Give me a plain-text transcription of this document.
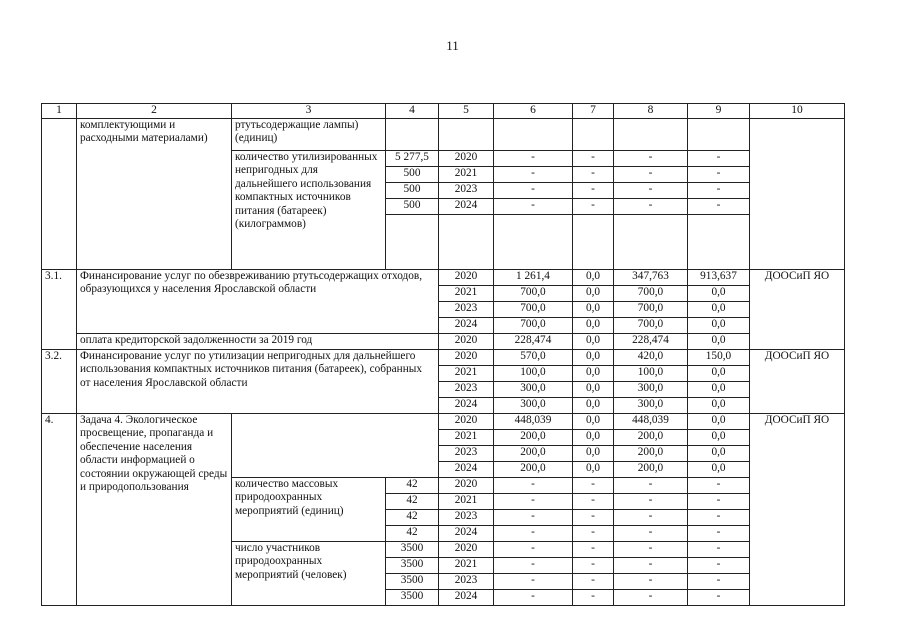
11
1	2	3	4	5	6	7	8	9	10
	комплектующими и расходными материалами)	ртутьсодержащие лампы) (единиц)							
		количество утилизированных непригодных для дальнейшего использования компактных источников питания (батареек) (килограммов)	5 277,5	2020	-	-	-	-	
			500	2021	-	-	-	-	
			500	2023	-	-	-	-	
			500	2024	-	-	-	-	

3.1.	Финансирование услуг по обезвреживанию ртутьсодержащих отходов, образующихся у населения Ярославской области			2020	1 261,4	0,0	347,763	913,637	ДООСиП ЯО
				2021	700,0	0,0	700,0	0,0	
				2023	700,0	0,0	700,0	0,0	
				2024	700,0	0,0	700,0	0,0	
	оплата кредиторской задолженности за 2019 год			2020	228,474	0,0	228,474	0,0	
3.2.	Финансирование услуг по утилизации непригодных для дальнейшего использования компактных источников питания (батареек), собранных от населения Ярославской области			2020	570,0	0,0	420,0	150,0	ДООСиП ЯО
				2021	100,0	0,0	100,0	0,0	
				2023	300,0	0,0	300,0	0,0	
				2024	300,0	0,0	300,0	0,0	
4.	Задача 4. Экологическое просвещение, пропаганда и обеспечение населения области информацией о состоянии окружающей среды и природопользования			2020	448,039	0,0	448,039	0,0	ДООСиП ЯО
				2021	200,0	0,0	200,0	0,0	
				2023	200,0	0,0	200,0	0,0	
				2024	200,0	0,0	200,0	0,0	
		количество массовых природоохранных мероприятий (единиц)	42	2020	-	-	-	-	
			42	2021	-	-	-	-	
			42	2023	-	-	-	-	
			42	2024	-	-	-	-	
		число участников природоохранных мероприятий (человек)	3500	2020	-	-	-	-	
			3500	2021	-	-	-	-	
			3500	2023	-	-	-	-	
			3500	2024	-	-	-	-	
